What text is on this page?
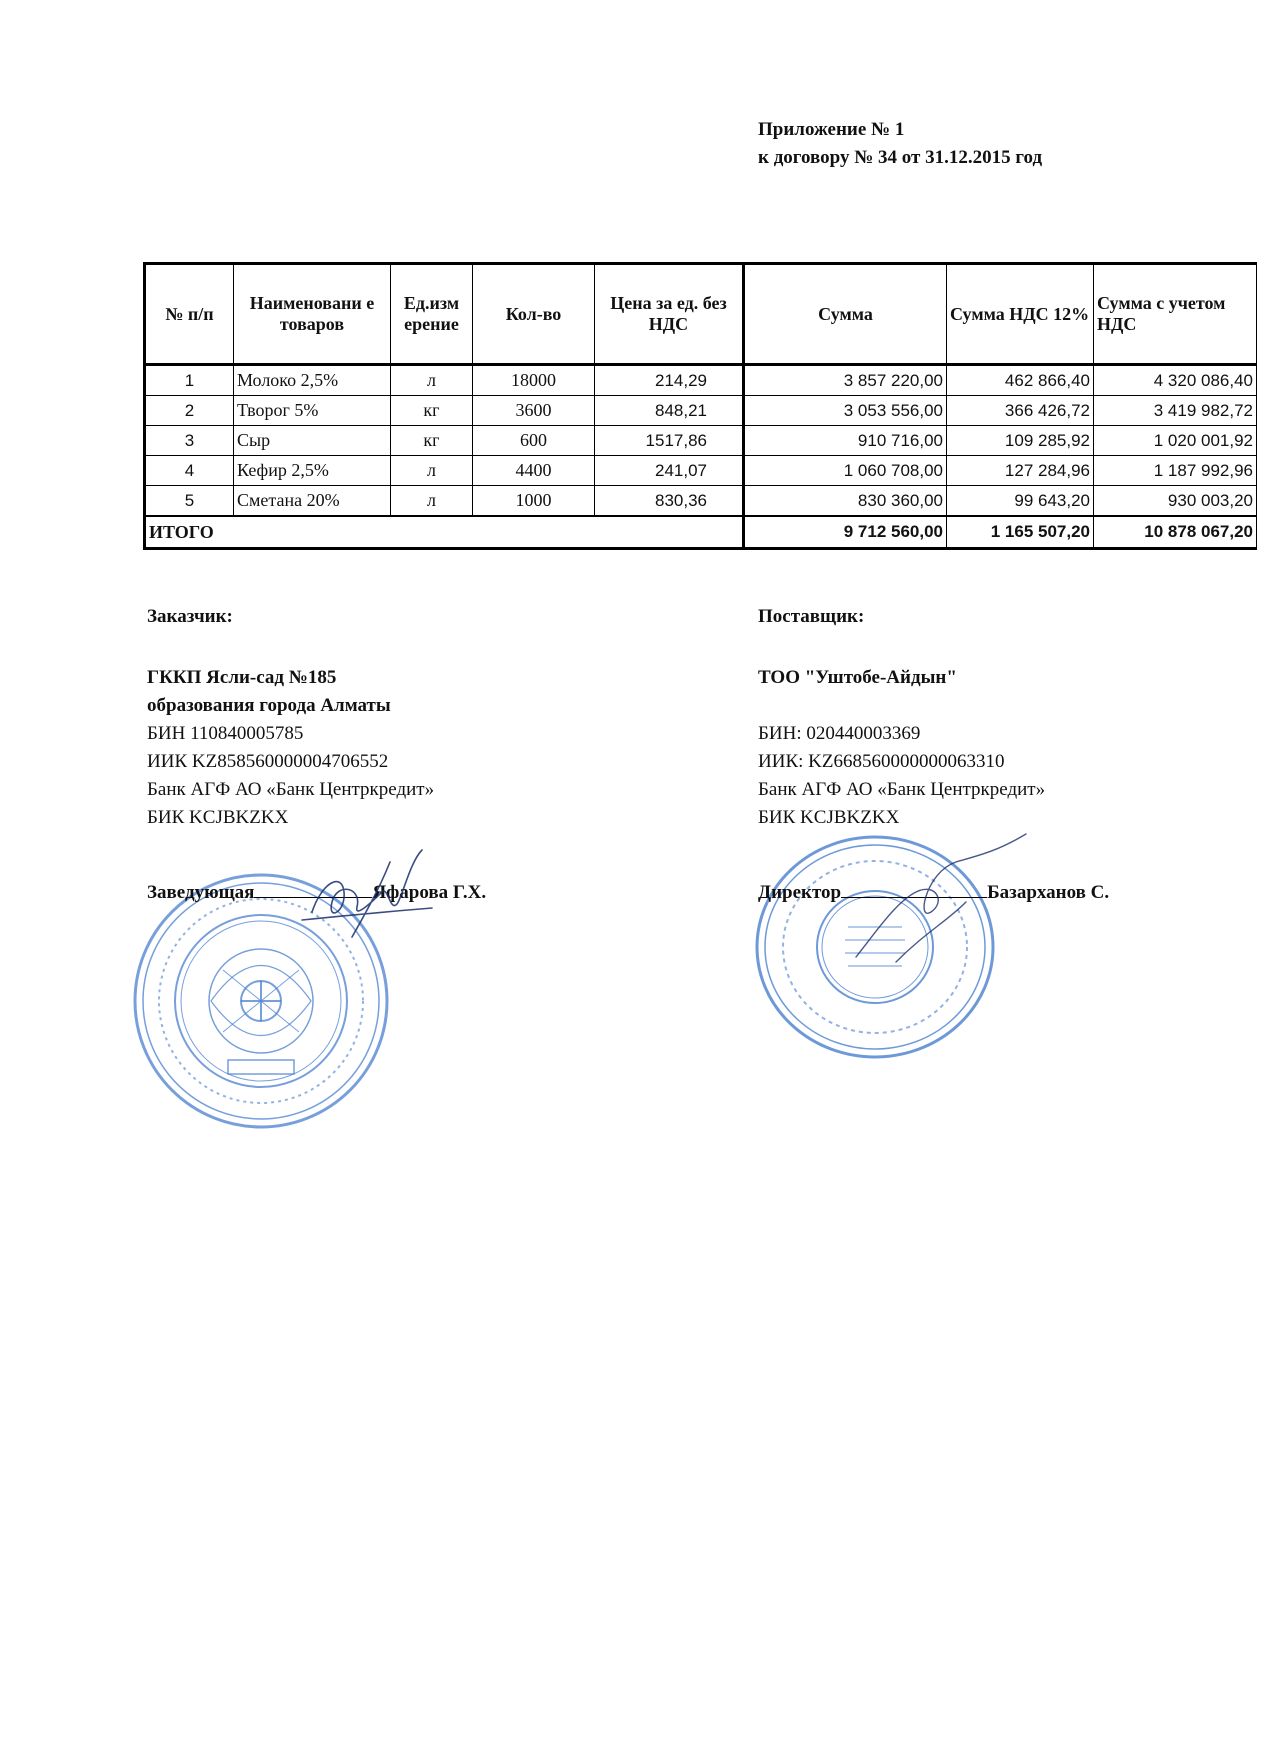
Приложение № 1
к договору № 34 от 31.12.2015 год
№ п/п	Наименовани е товаров	Ед.изм ерение	Кол-во	Цена за ед. без НДС	Сумма	Сумма НДС 12%	Сумма с учетом НДС
1	Молоко 2,5%	л	18000	214,29	3 857 220,00	462 866,40	4 320 086,40
2	Творог 5%	кг	3600	848,21	3 053 556,00	366 426,72	3 419 982,72
3	Сыр	кг	600	1517,86	910 716,00	109 285,92	1 020 001,92
4	Кефир 2,5%	л	4400	241,07	1 060 708,00	127 284,96	1 187 992,96
5	Сметана 20%	л	1000	830,36	830 360,00	99 643,20	930 003,20
ИТОГО					9 712 560,00	1 165 507,20	10 878 067,20
Заказчик:
ГККП Ясли-сад №185
образования города Алматы
БИН 110840005785
ИИК KZ858560000004706552
Банк АГФ АО «Банк Центркредит»
БИК KCJBKZKX
Заведующая	Яфарова Г.Х.
Поставщик:
ТОО "Уштобе-Айдын"
БИН: 020440003369
ИИК: KZ668560000000063310
Банк АГФ АО «Банк Центркредит»
БИК KCJBKZKX
Директор	Базарханов С.
